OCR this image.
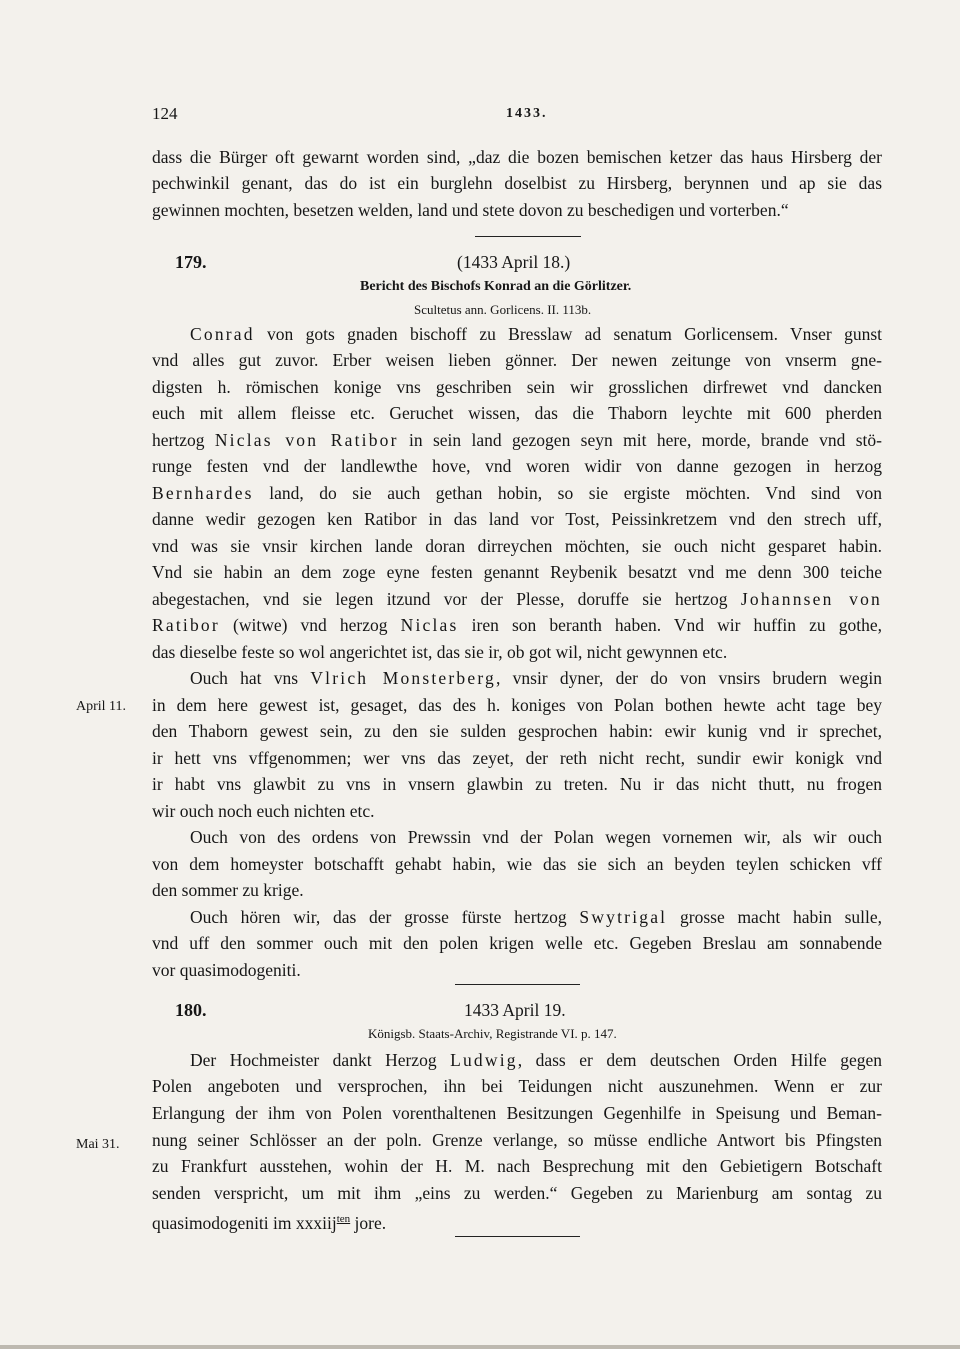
124	1433.
dass die Bürger oft gewarnt worden sind, „daz die bozen bemischen ketzer das haus Hirsberg der
pechwinkil genant, das do ist ein burglehn doselbist zu Hirsberg, berynnen und ap sie das
gewinnen mochten, besetzen welden, land und stete dovon zu beschedigen und vorterben.“
179.	(1433 April 18.)
Bericht des Bischofs Konrad an die Görlitzer.
Scultetus ann. Gorlicens. II. 113b.
Conrad von gots gnaden bischoff zu Bresslaw ad senatum Gorlicensem. Vnser gunst
vnd alles gut zuvor. Erber weisen lieben gönner. Der newen zeitunge von vnserm gne-
digsten h. römischen konige vns geschriben sein wir grosslichen dirfrewet vnd dancken
euch mit allem fleisse etc. Geruchet wissen, das die Thaborn leychte mit 600 pherden
hertzog Niclas von Ratibor in sein land gezogen seyn mit here, morde, brande vnd stö-
runge festen vnd der landlewthe hove, vnd woren widir von danne gezogen in herzog
Bernhardes land, do sie auch gethan hobin, so sie ergiste möchten. Vnd sind von
danne wedir gezogen ken Ratibor in das land vor Tost, Peissinkretzem vnd den strech uff,
vnd was sie vnsir kirchen lande doran dirreychen möchten, sie ouch nicht gesparet habin.
Vnd sie habin an dem zoge eyne festen genannt Reybenik besatzt vnd me denn 300 teiche
abegestachen, vnd sie legen itzund vor der Plesse, doruffe sie hertzog Johannsen von
Ratibor (witwe) vnd herzog Niclas iren son beranth haben. Vnd wir huffin zu gothe,
das dieselbe feste so wol angerichtet ist, das sie ir, ob got wil, nicht gewynnen etc.
Ouch hat vns Vlrich Monsterberg, vnsir dyner, der do von vnsirs brudern wegin
April 11. in dem here gewest ist, gesaget, das des h. koniges von Polan bothen hewte acht tage bey
den Thaborn gewest sein, zu den sie sulden gesprochen habin: ewir kunig vnd ir sprechet,
ir hett vns vffgenommen; wer vns das zeyet, der reth nicht recht, sundir ewir konigk vnd
ir habt vns glawbit zu vns in vnsern glawbin zu treten. Nu ir das nicht thutt, nu frogen
wir ouch noch euch nichten etc.
Ouch von des ordens von Prewssin vnd der Polan wegen vornemen wir, als wir ouch
von dem homeyster botschafft gehabt habin, wie das sie sich an beyden teylen schicken vff
den sommer zu krige.
Ouch hören wir, das der grosse fürste hertzog Swytrigal grosse macht habin sulle,
vnd uff den sommer ouch mit den polen krigen welle etc. Gegeben Breslau am sonnabende
vor quasimodogeniti.
180.	1433 April 19.
Königsb. Staats-Archiv, Registrande VI. p. 147.
Der Hochmeister dankt Herzog Ludwig, dass er dem deutschen Orden Hilfe gegen
Polen angeboten und versprochen, ihn bei Teidungen nicht auszunehmen. Wenn er zur
Erlangung der ihm von Polen vorenthaltenen Besitzungen Gegenhilfe in Speisung und Beman-
Mai 31. nung seiner Schlösser an der poln. Grenze verlange, so müsse endliche Antwort bis Pfingsten
zu Frankfurt ausstehen, wohin der H. M. nach Besprechung mit den Gebietigern Botschaft
senden verspricht, um mit ihm „eins zu werden.“ Gegeben zu Marienburg am sontag zu
quasimodogeniti im xxxiij$^{ten}$ jore.
